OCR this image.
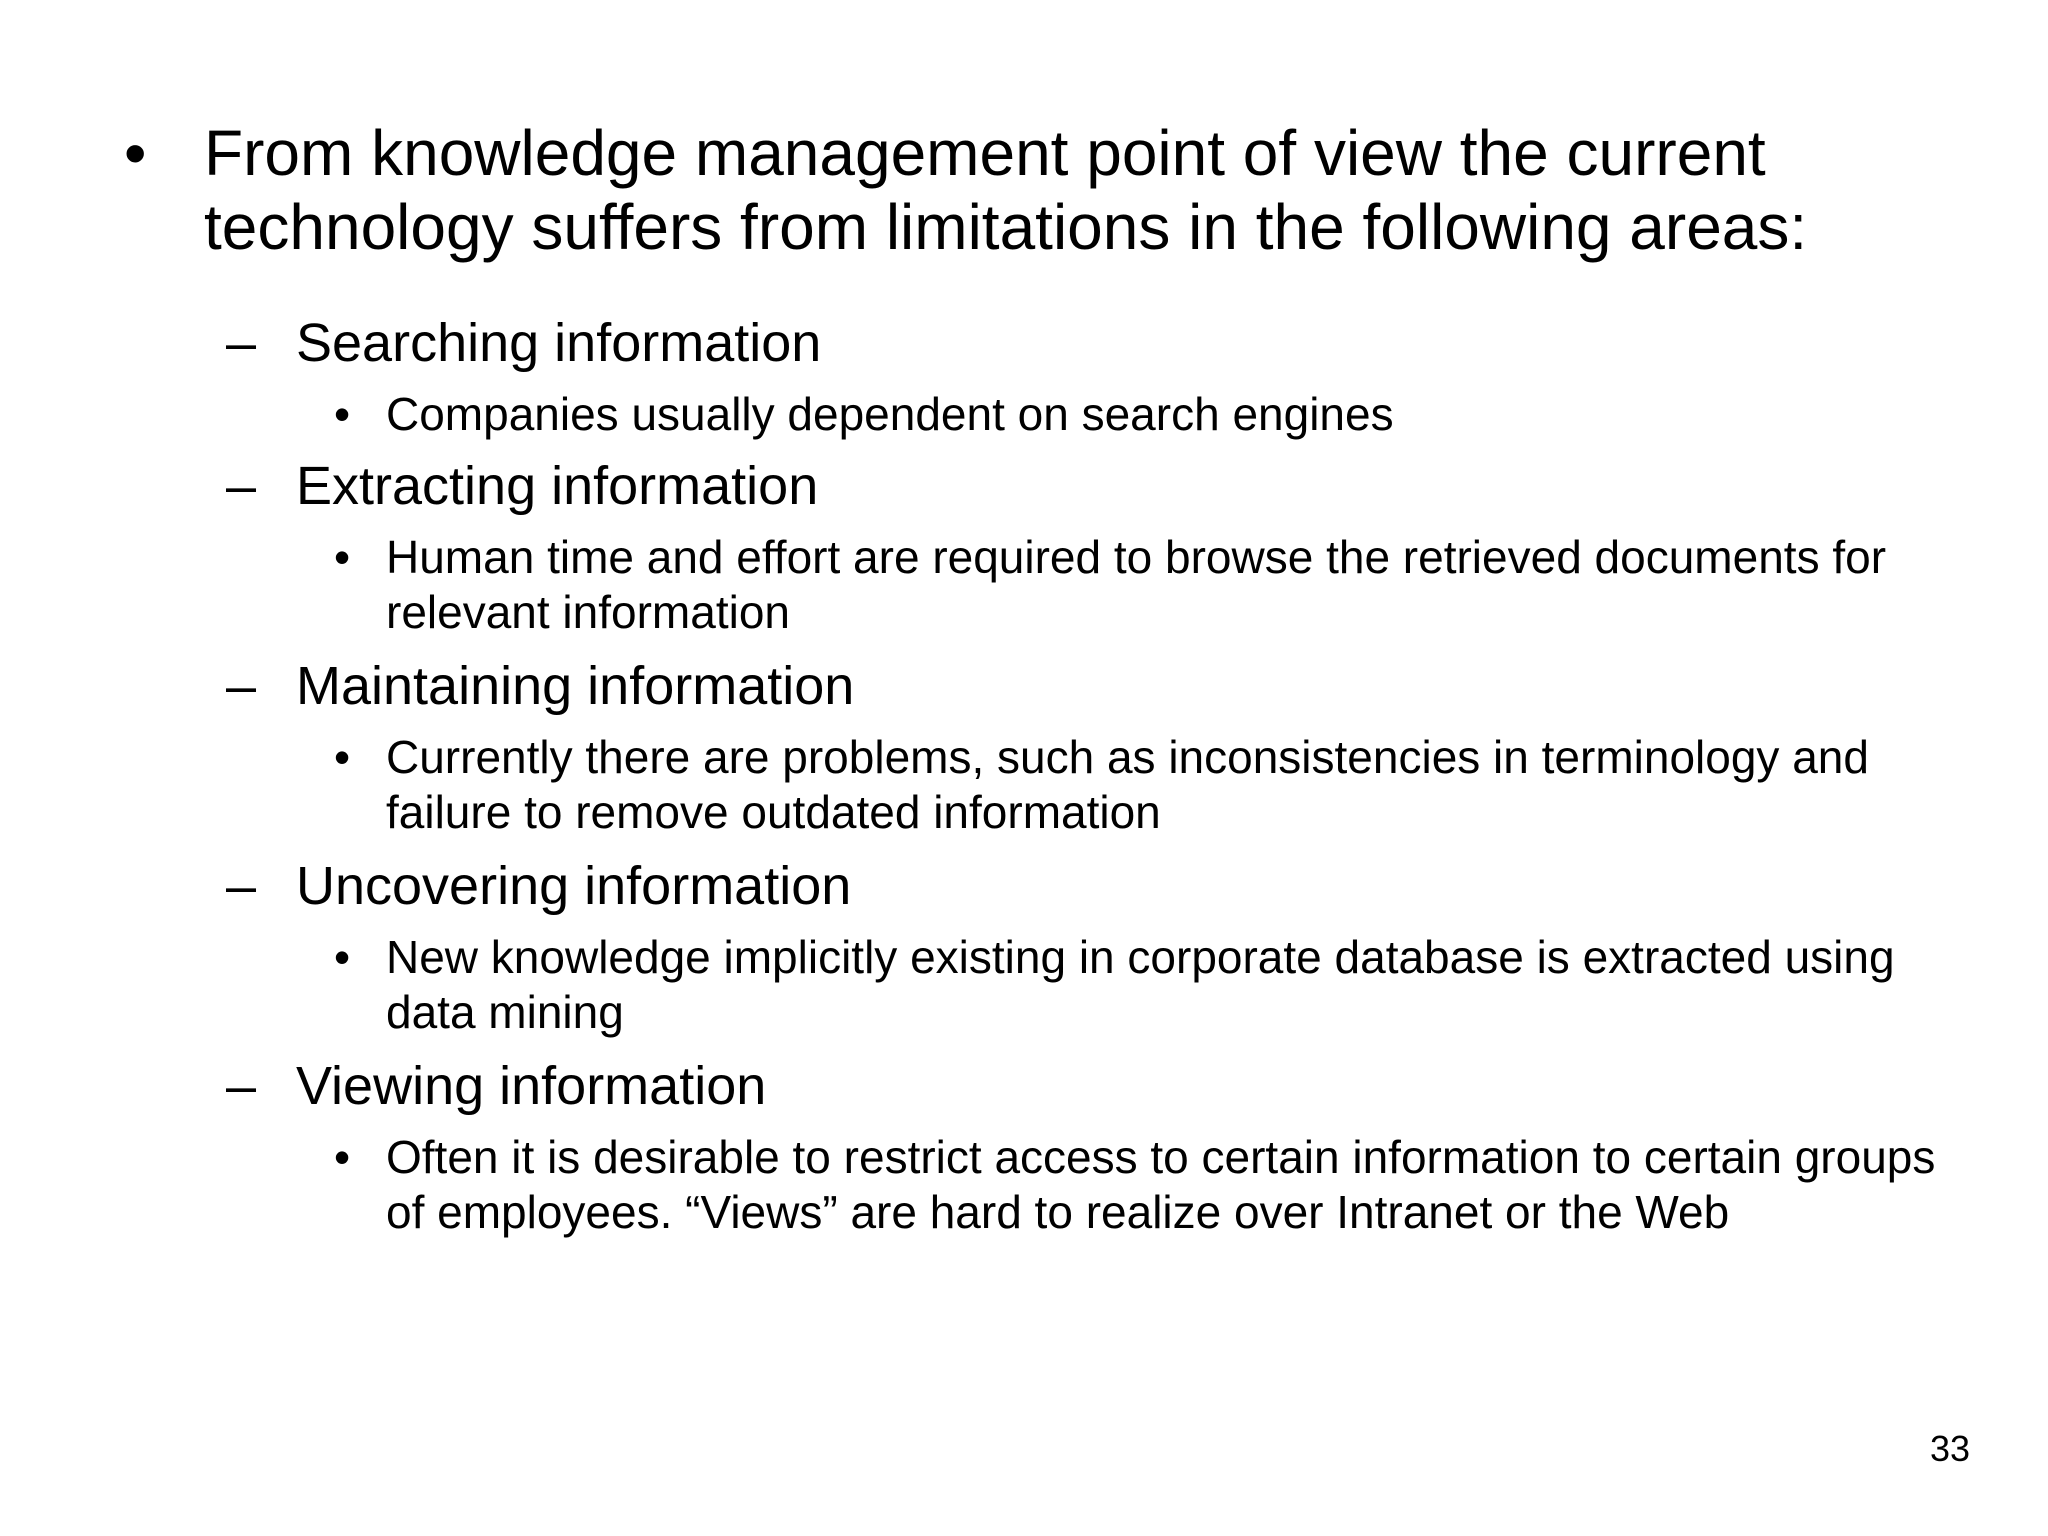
• From knowledge management point of view the current technology suffers from limitations in the following areas:
– Searching information
• Companies usually dependent on search engines
– Extracting information
• Human time and effort are required to browse the retrieved documents for relevant information
– Maintaining information
• Currently there are problems, such as inconsistencies in terminology and failure to remove outdated information
– Uncovering information
• New knowledge implicitly existing in corporate database is extracted using data mining
– Viewing information
• Often it is desirable to restrict access to certain information to certain groups of employees. “Views” are hard to realize over Intranet or the Web
33
